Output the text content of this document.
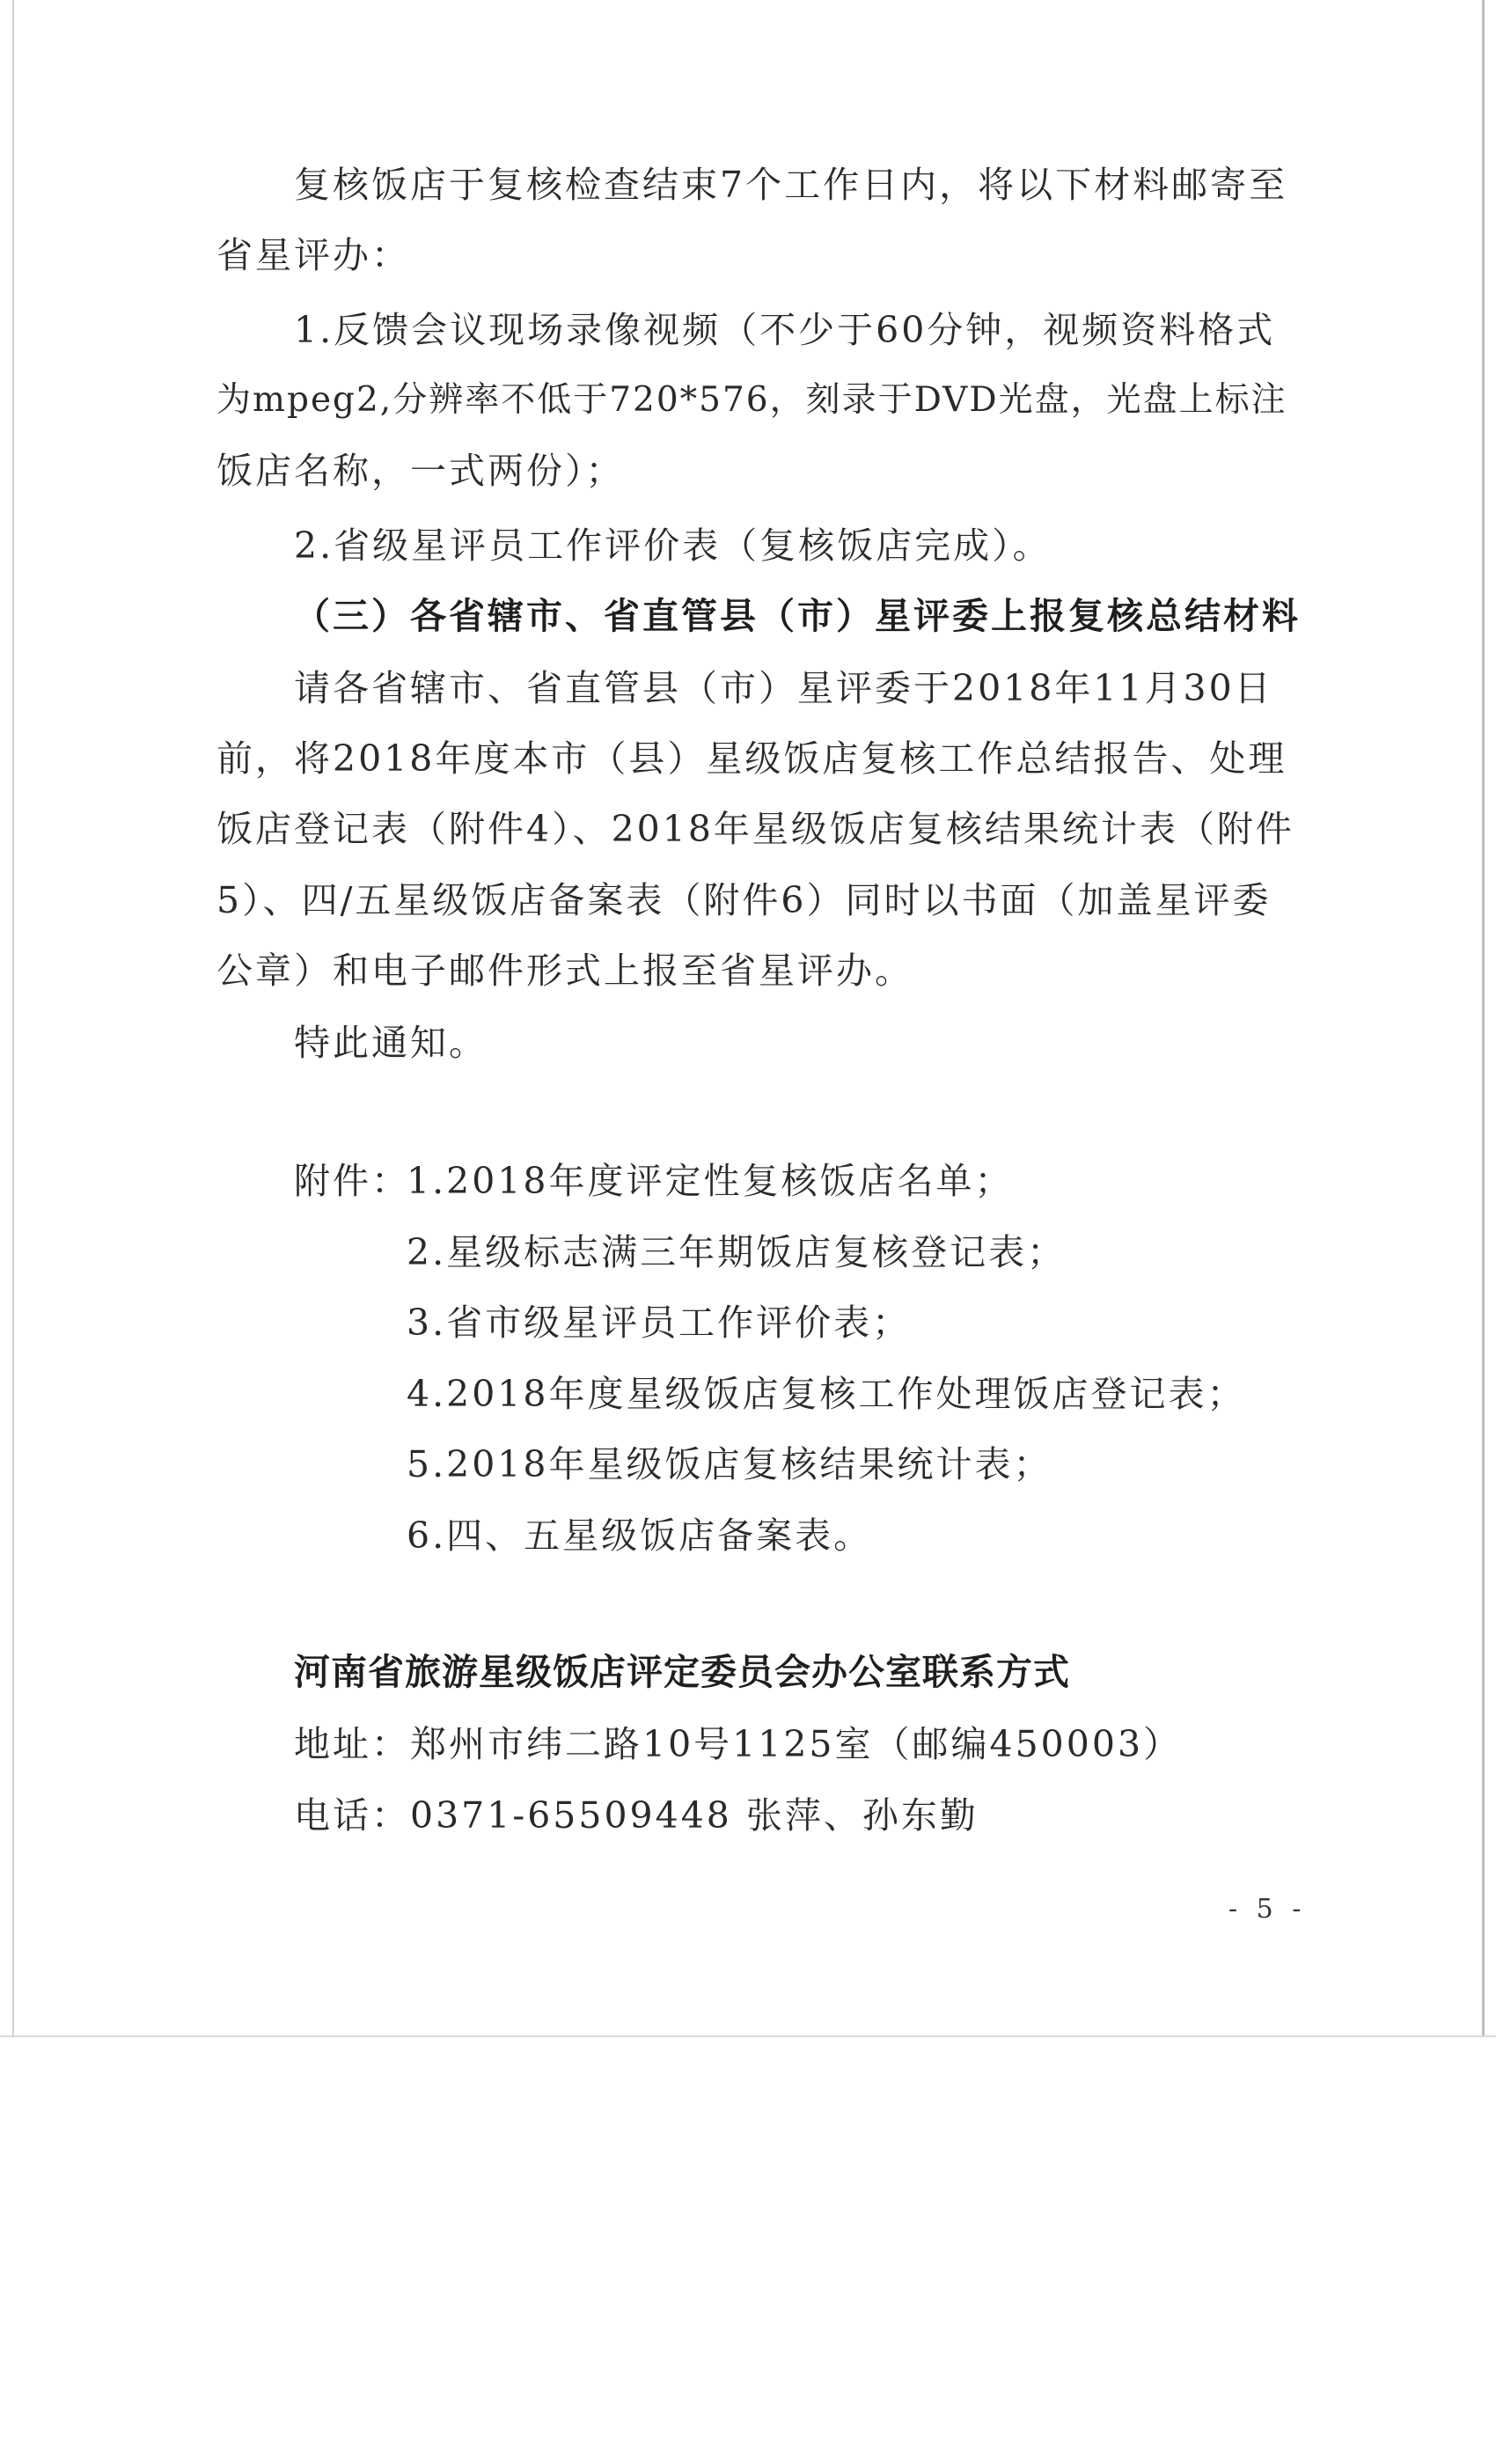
复核饭店于复核检查结束7个工作日内，将以下材料邮寄至
省星评办：
1.反馈会议现场录像视频（不少于60分钟，视频资料格式
为mpeg2,分辨率不低于720*576，刻录于DVD光盘，光盘上标注
饭店名称，一式两份）；
2.省级星评员工作评价表（复核饭店完成）。
（三）各省辖市、省直管县（市）星评委上报复核总结材料
请各省辖市、省直管县（市）星评委于2018年11月30日
前，将2018年度本市（县）星级饭店复核工作总结报告、处理
饭店登记表（附件4）、2018年星级饭店复核结果统计表（附件
5）、四/五星级饭店备案表（附件6）同时以书面（加盖星评委
公章）和电子邮件形式上报至省星评办。
特此通知。
附件：
1.2018年度评定性复核饭店名单；
2.星级标志满三年期饭店复核登记表；
3.省市级星评员工作评价表；
4.2018年度星级饭店复核工作处理饭店登记表；
5.2018年星级饭店复核结果统计表；
6.四、五星级饭店备案表。
河南省旅游星级饭店评定委员会办公室联系方式
地址：郑州市纬二路10号1125室（邮编450003）
电话：0371-65509448 张萍、孙东勤
- 5 -
